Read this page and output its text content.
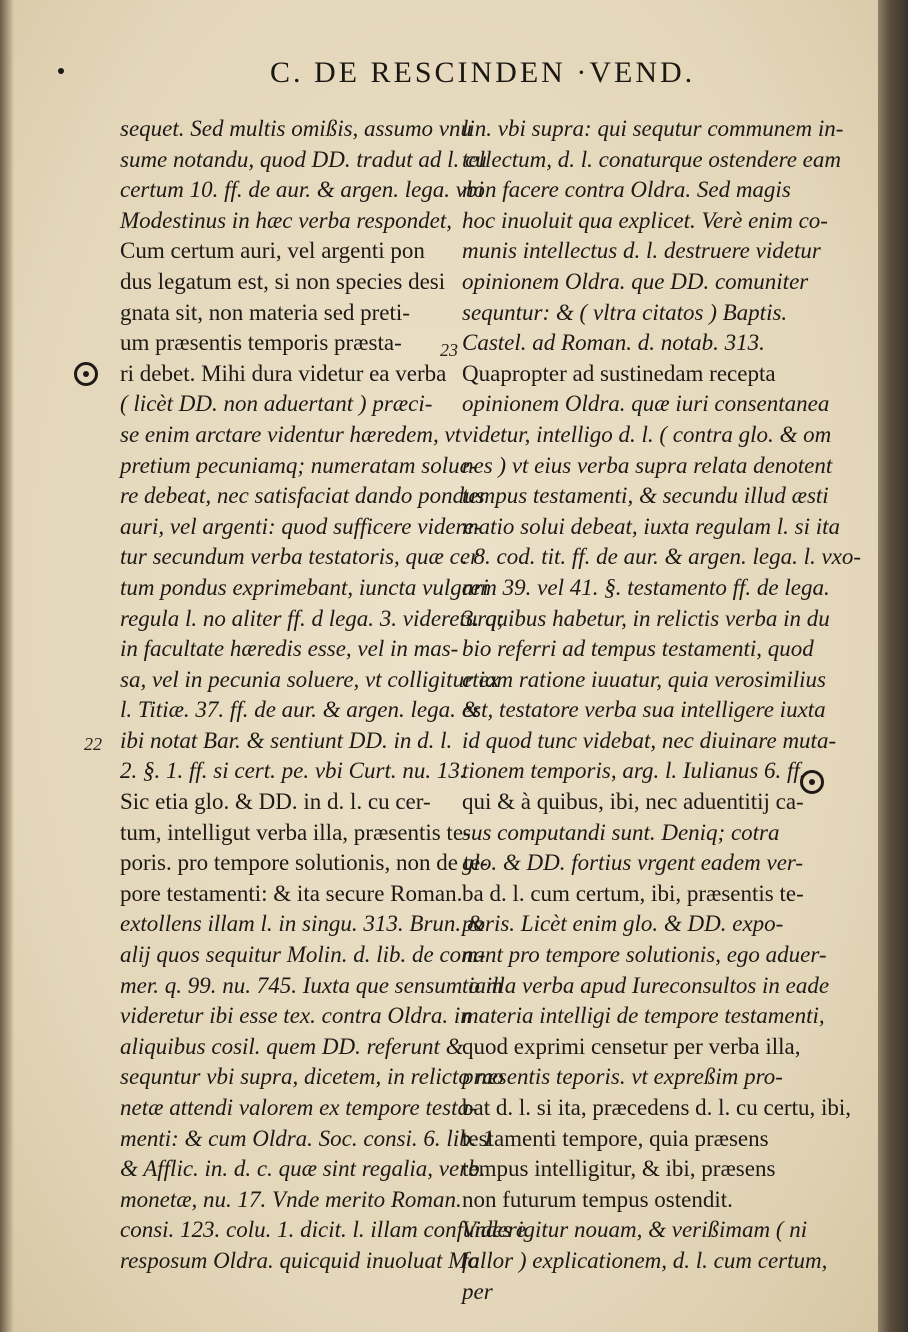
C. DE RESCINDEN ·VEND.
sequet. Sed multis omißis, assumo vnu
sume notandu, quod DD. tradut ad l. cu
certum 10. ff. de aur. & argen. lega. vbi
Modestinus in hæc verba respondet,
Cum certum auri, vel argenti pon
dus legatum est, si non species desi
gnata sit, non materia sed preti-
um præsentis temporis præsta-
ri debet. Mihi dura videtur ea verba
( licèt DD. non aduertant ) præci-
se enim arctare videntur hæredem, vt
pretium pecuniamq; numeratam solue-
re debeat, nec satisfaciat dando pondus
auri, vel argenti: quod sufficere videre-
tur secundum verba testatoris, quæ cer
tum pondus exprimebant, iuncta vulgari
regula l. no aliter ff. d lega. 3. videreturq;
in facultate hæredis esse, vel in mas-
sa, vel in pecunia soluere, vt colligitur ex
l. Titiæ. 37. ff. de aur. & argen. lega. &
ibi notat Bar. & sentiunt DD. in d. l.
2. §. 1. ff. si cert. pe. vbi Curt. nu. 13.
Sic etia glo. & DD. in d. l. cu cer-
tum, intelligut verba illa, præsentis te-
poris. pro tempore solutionis, non de te-
pore testamenti: & ita secure Roman.
extollens illam l. in singu. 313. Brun. &
alij quos sequitur Molin. d. lib. de com-
mer. q. 99. nu. 745. Iuxta que sensum iam
videretur ibi esse tex. contra Oldra. in
aliquibus cosil. quem DD. referunt &
sequntur vbi supra, dicetem, in relicto mo
netæ attendi valorem ex tempore testa-
menti: & cum Oldra. Soc. consi. 6. lib. 1
& Afflic. in. d. c. quæ sint regalia, verb.
monetæ, nu. 17. Vnde merito Roman.
consi. 123. colu. 1. dicit. l. illam confundere
resposum Oldra. quicquid inuoluat Mo
lin. vbi supra: qui sequtur communem in-
tellectum, d. l. conaturque ostendere eam
non facere contra Oldra. Sed magis
hoc inuoluit qua explicet. Verè enim co-
munis intellectus d. l. destruere videtur
opinionem Oldra. que DD. comuniter
sequntur: & ( vltra citatos ) Baptis.
Castel. ad Roman. d. notab. 313.
Quapropter ad sustinedam recepta
opinionem Oldra. quæ iuri consentanea
videtur, intelligo d. l. ( contra glo. & om
nes ) vt eius verba supra relata denotent
tempus testamenti, & secundu illud æsti
matio solui debeat, iuxta regulam l. si ita
. 8. cod. tit. ff. de aur. & argen. lega. l. vxo-
rem 39. vel 41. §. testamento ff. de lega.
3. quibus habetur, in relictis verba in du
bio referri ad tempus testamenti, quod
etiam ratione iuuatur, quia verosimilius
est, testatore verba sua intelligere iuxta
id quod tunc videbat, nec diuinare muta-
tionem temporis, arg. l. Iulianus 6. ff.
qui & à quibus, ibi, nec aduentitij ca-
sus computandi sunt. Deniq; cotra
glo. & DD. fortius vrgent eadem ver-
ba d. l. cum certum, ibi, præsentis te-
poris. Licèt enim glo. & DD. expo-
nant pro tempore solutionis, ego aduer-
to illa verba apud Iureconsultos in eade
materia intelligi de tempore testamenti,
quod exprimi censetur per verba illa,
præsentis teporis. vt expreßim pro-
bat d. l. si ita, præcedens d. l. cu certu, ibi,
testamenti tempore, quia præsens
tempus intelligitur, & ibi, præsens
non futurum tempus ostendit.
Vides igitur nouam, & verißimam ( ni
fallor ) explicationem, d. l. cum certum,
per
22
23
